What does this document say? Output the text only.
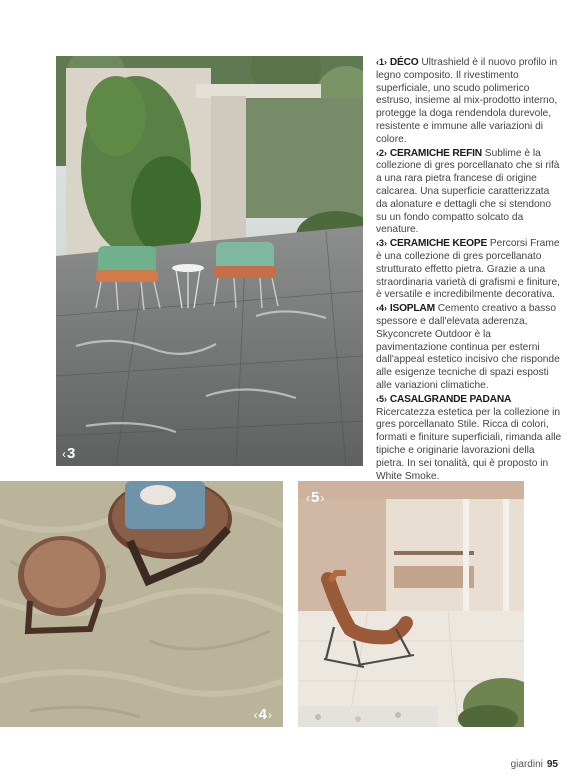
‹3

‹1› DÉCO Ultrashield è il nuovo profilo in legno composito. Il rivestimento superficiale, uno scudo polimerico estruso, insieme al mix-prodotto interno, protegge la doga rendendola durevole, resistente e immune alle variazioni di colore.

‹2› CERAMICHE REFIN Sublime è la collezione di gres porcellanato che si rifà a una rara pietra francese di origine calcarea. Una superficie caratterizzata da alonature e dettagli che si stendono su un fondo compatto solcato da venature.

‹3› CERAMICHE KEOPE Percorsi Frame è una collezione di gres porcellanato strutturato effetto pietra. Grazie a una straordinaria varietà di grafismi e finiture, è versatile e incredibilmente decorativa.

‹4› ISOPLAM Cemento creativo a basso spessore e dall'elevata aderenza, Skyconcrete Outdoor è la pavimentazione continua per esterni dall'appeal estetico incisivo che risponde alle esigenze tecniche di spazi esposti alle variazioni climatiche.

‹5› CASALGRANDE PADANA Ricercatezza estetica per la collezione in gres porcellanato Stile. Ricca di colori, formati e finiture superficiali, rimanda alle tipiche e originarie lavorazioni della pietra. In sei tonalità, qui è proposto in White Smoke.

‹4›
‹5›
giardini 95
